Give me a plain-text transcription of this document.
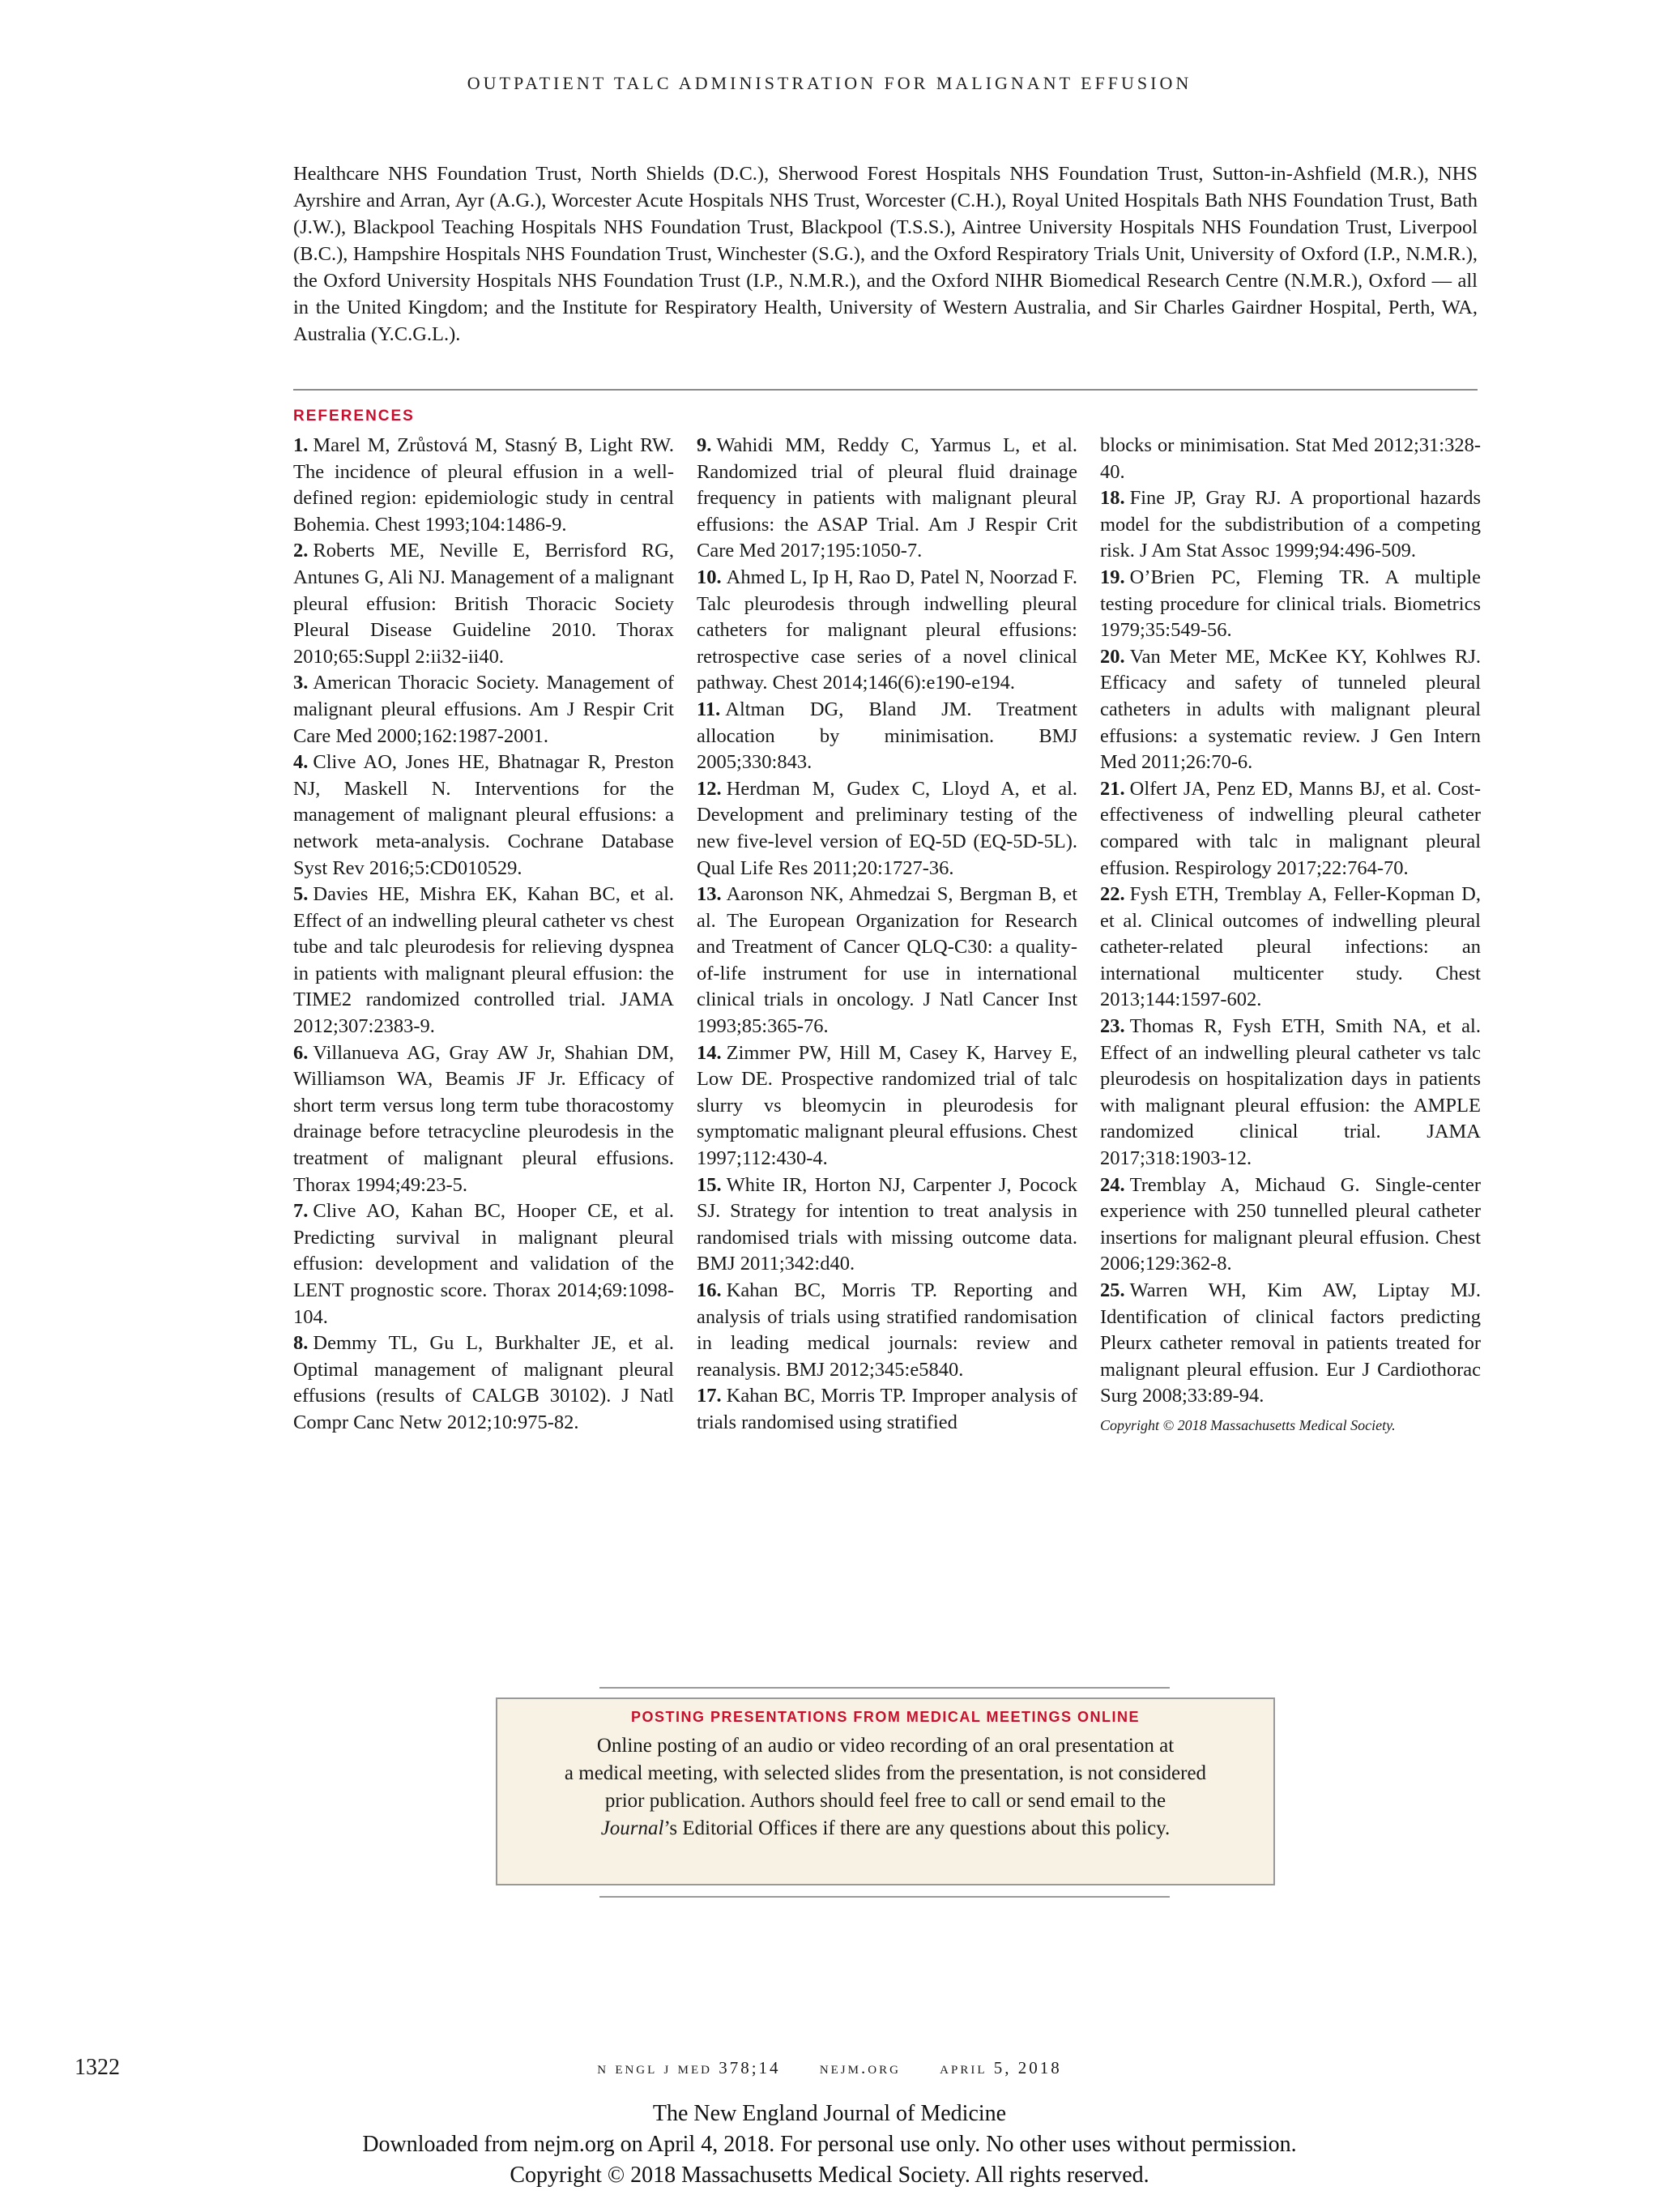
OUTPATIENT TALC ADMINISTRATION FOR MALIGNANT EFFUSION

Healthcare NHS Foundation Trust, North Shields (D.C.), Sherwood Forest Hospitals NHS Foundation Trust, Sutton-in-Ashfield (M.R.), NHS Ayrshire and Arran, Ayr (A.G.), Worcester Acute Hospitals NHS Trust, Worcester (C.H.), Royal United Hospitals Bath NHS Foundation Trust, Bath (J.W.), Blackpool Teaching Hospitals NHS Foundation Trust, Blackpool (T.S.S.), Aintree University Hospitals NHS Foundation Trust, Liverpool (B.C.), Hampshire Hospitals NHS Foundation Trust, Winchester (S.G.), and the Oxford Respiratory Trials Unit, University of Oxford (I.P., N.M.R.), the Oxford University Hospitals NHS Foundation Trust (I.P., N.M.R.), and the Oxford NIHR Biomedical Research Centre (N.M.R.), Oxford — all in the United Kingdom; and the Institute for Respiratory Health, University of Western Australia, and Sir Charles Gairdner Hospital, Perth, WA, Australia (Y.C.G.L.).

REFERENCES

1. Marel M, Zrůstová M, Stasný B, Light RW. The incidence of pleural effusion in a well-defined region: epidemiologic study in central Bohemia. Chest 1993;104:1486-9.

2. Roberts ME, Neville E, Berrisford RG, Antunes G, Ali NJ. Management of a malignant pleural effusion: British Thoracic Society Pleural Disease Guideline 2010. Thorax 2010;65:Suppl 2:ii32-ii40.

3. American Thoracic Society. Management of malignant pleural effusions. Am J Respir Crit Care Med 2000;162:1987-2001.

4. Clive AO, Jones HE, Bhatnagar R, Preston NJ, Maskell N. Interventions for the management of malignant pleural effusions: a network meta-analysis. Cochrane Database Syst Rev 2016;5:CD010529.

5. Davies HE, Mishra EK, Kahan BC, et al. Effect of an indwelling pleural catheter vs chest tube and talc pleurodesis for relieving dyspnea in patients with malignant pleural effusion: the TIME2 randomized controlled trial. JAMA 2012;307:2383-9.

6. Villanueva AG, Gray AW Jr, Shahian DM, Williamson WA, Beamis JF Jr. Efficacy of short term versus long term tube thoracostomy drainage before tetracycline pleurodesis in the treatment of malignant pleural effusions. Thorax 1994;49:23-5.

7. Clive AO, Kahan BC, Hooper CE, et al. Predicting survival in malignant pleural effusion: development and validation of the LENT prognostic score. Thorax 2014;69:1098-104.

8. Demmy TL, Gu L, Burkhalter JE, et al. Optimal management of malignant pleural effusions (results of CALGB 30102). J Natl Compr Canc Netw 2012;10:975-82.

9. Wahidi MM, Reddy C, Yarmus L, et al. Randomized trial of pleural fluid drainage frequency in patients with malignant pleural effusions: the ASAP Trial. Am J Respir Crit Care Med 2017;195:1050-7.

10. Ahmed L, Ip H, Rao D, Patel N, Noorzad F. Talc pleurodesis through indwelling pleural catheters for malignant pleural effusions: retrospective case series of a novel clinical pathway. Chest 2014;146(6):e190-e194.

11. Altman DG, Bland JM. Treatment allocation by minimisation. BMJ 2005;330:843.

12. Herdman M, Gudex C, Lloyd A, et al. Development and preliminary testing of the new five-level version of EQ-5D (EQ-5D-5L). Qual Life Res 2011;20:1727-36.

13. Aaronson NK, Ahmedzai S, Bergman B, et al. The European Organization for Research and Treatment of Cancer QLQ-C30: a quality-of-life instrument for use in international clinical trials in oncology. J Natl Cancer Inst 1993;85:365-76.

14. Zimmer PW, Hill M, Casey K, Harvey E, Low DE. Prospective randomized trial of talc slurry vs bleomycin in pleurodesis for symptomatic malignant pleural effusions. Chest 1997;112:430-4.

15. White IR, Horton NJ, Carpenter J, Pocock SJ. Strategy for intention to treat analysis in randomised trials with missing outcome data. BMJ 2011;342:d40.

16. Kahan BC, Morris TP. Reporting and analysis of trials using stratified randomisation in leading medical journals: review and reanalysis. BMJ 2012;345:e5840.

17. Kahan BC, Morris TP. Improper analysis of trials randomised using stratified

blocks or minimisation. Stat Med 2012;31:328-40.

18. Fine JP, Gray RJ. A proportional hazards model for the subdistribution of a competing risk. J Am Stat Assoc 1999;94:496-509.

19. O’Brien PC, Fleming TR. A multiple testing procedure for clinical trials. Biometrics 1979;35:549-56.

20. Van Meter ME, McKee KY, Kohlwes RJ. Efficacy and safety of tunneled pleural catheters in adults with malignant pleural effusions: a systematic review. J Gen Intern Med 2011;26:70-6.

21. Olfert JA, Penz ED, Manns BJ, et al. Cost-effectiveness of indwelling pleural catheter compared with talc in malignant pleural effusion. Respirology 2017;22:764-70.

22. Fysh ETH, Tremblay A, Feller-Kopman D, et al. Clinical outcomes of indwelling pleural catheter-related pleural infections: an international multicenter study. Chest 2013;144:1597-602.

23. Thomas R, Fysh ETH, Smith NA, et al. Effect of an indwelling pleural catheter vs talc pleurodesis on hospitalization days in patients with malignant pleural effusion: the AMPLE randomized clinical trial. JAMA 2017;318:1903-12.

24. Tremblay A, Michaud G. Single-center experience with 250 tunnelled pleural catheter insertions for malignant pleural effusion. Chest 2006;129:362-8.

25. Warren WH, Kim AW, Liptay MJ. Identification of clinical factors predicting Pleurx catheter removal in patients treated for malignant pleural effusion. Eur J Cardiothorac Surg 2008;33:89-94.

Copyright © 2018 Massachusetts Medical Society.
POSTING PRESENTATIONS FROM MEDICAL MEETINGS ONLINE
Online posting of an audio or video recording of an oral presentation at
a medical meeting, with selected slides from the presentation, is not considered
prior publication. Authors should feel free to call or send email to the
Journal’s Editorial Offices if there are any questions about this policy.
1322	n engl j med 378;14 nejm.org april 5, 2018
The New England Journal of Medicine
Downloaded from nejm.org on April 4, 2018. For personal use only. No other uses without permission.
Copyright © 2018 Massachusetts Medical Society. All rights reserved.
